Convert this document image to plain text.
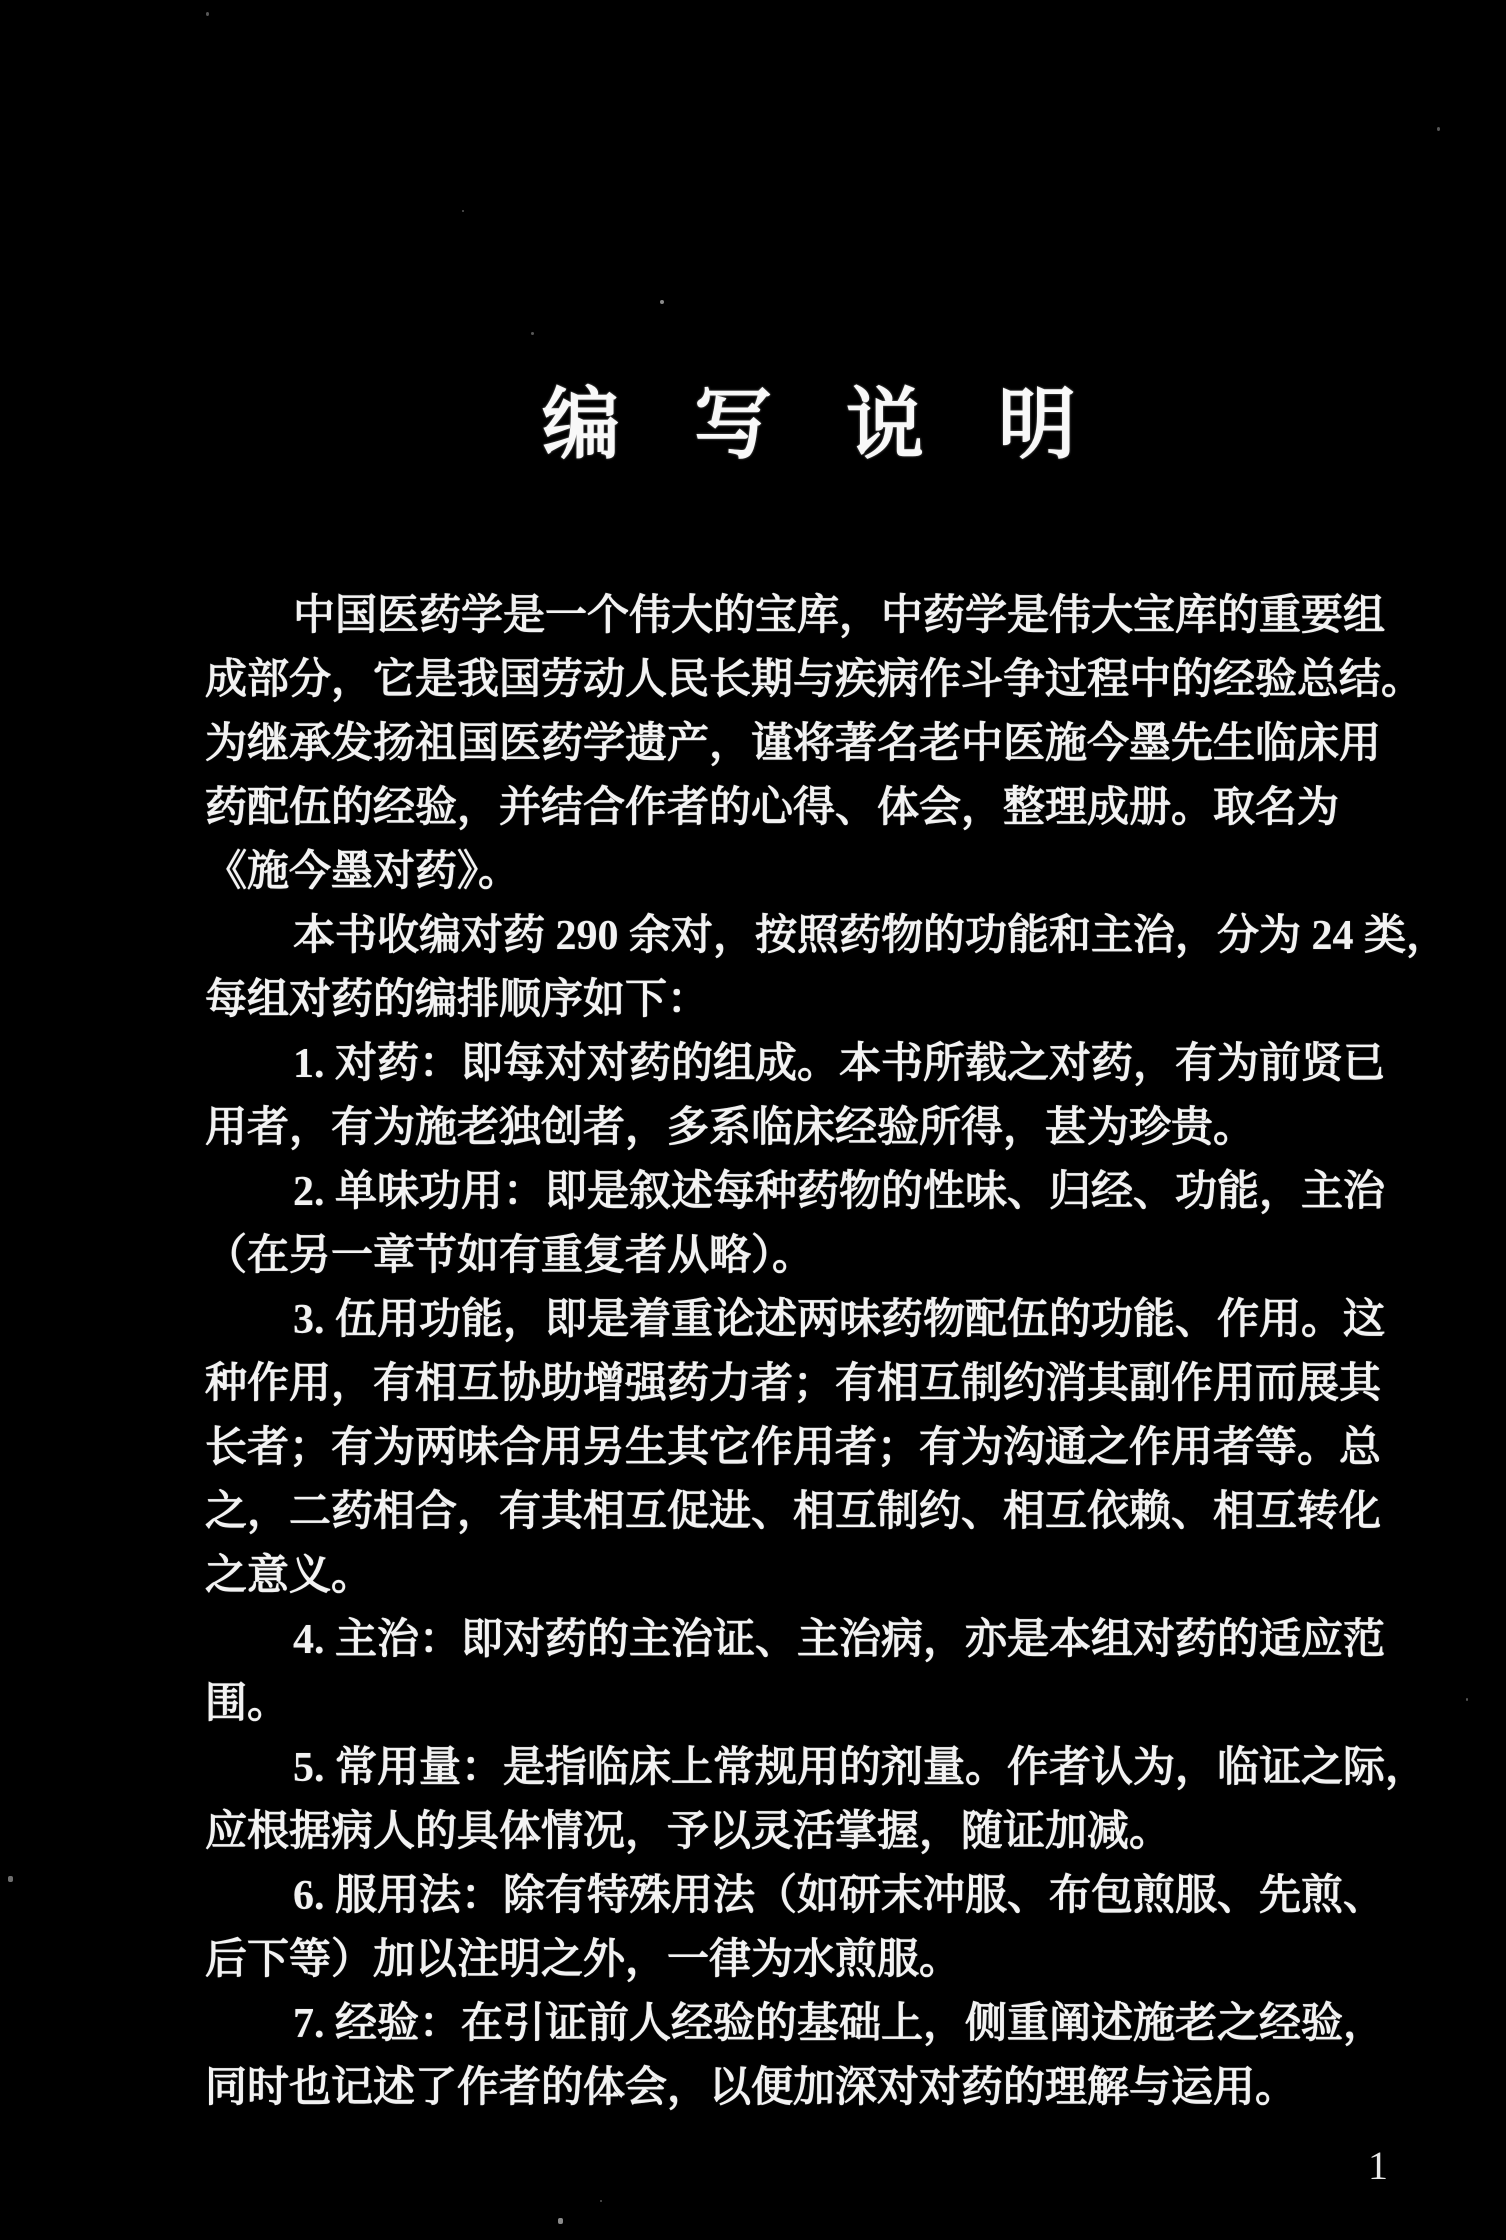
编写说明
中国医药学是一个伟大的宝库，中药学是伟大宝库的重要组
成部分，它是我国劳动人民长期与疾病作斗争过程中的经验总结。
为继承发扬祖国医药学遗产，谨将著名老中医施今墨先生临床用
药配伍的经验，并结合作者的心得、体会，整理成册。取名为
《施今墨对药》。
本书收编对药 290 余对，按照药物的功能和主治，分为 24 类，
每组对药的编排顺序如下：
1. 对药：即每对对药的组成。本书所载之对药，有为前贤已
用者，有为施老独创者，多系临床经验所得，甚为珍贵。
2. 单味功用：即是叙述每种药物的性味、归经、功能，主治
（在另一章节如有重复者从略）。
3. 伍用功能，即是着重论述两味药物配伍的功能、作用。这
种作用，有相互协助增强药力者；有相互制约消其副作用而展其
长者；有为两味合用另生其它作用者；有为沟通之作用者等。总
之，二药相合，有其相互促进、相互制约、相互依赖、相互转化
之意义。
4. 主治：即对药的主治证、主治病，亦是本组对药的适应范
围。
5. 常用量：是指临床上常规用的剂量。作者认为，临证之际，
应根据病人的具体情况，予以灵活掌握，随证加减。
6. 服用法：除有特殊用法（如研末冲服、布包煎服、先煎、
后下等）加以注明之外，一律为水煎服。
7. 经验：在引证前人经验的基础上，侧重阐述施老之经验，
同时也记述了作者的体会，以便加深对对药的理解与运用。
1
